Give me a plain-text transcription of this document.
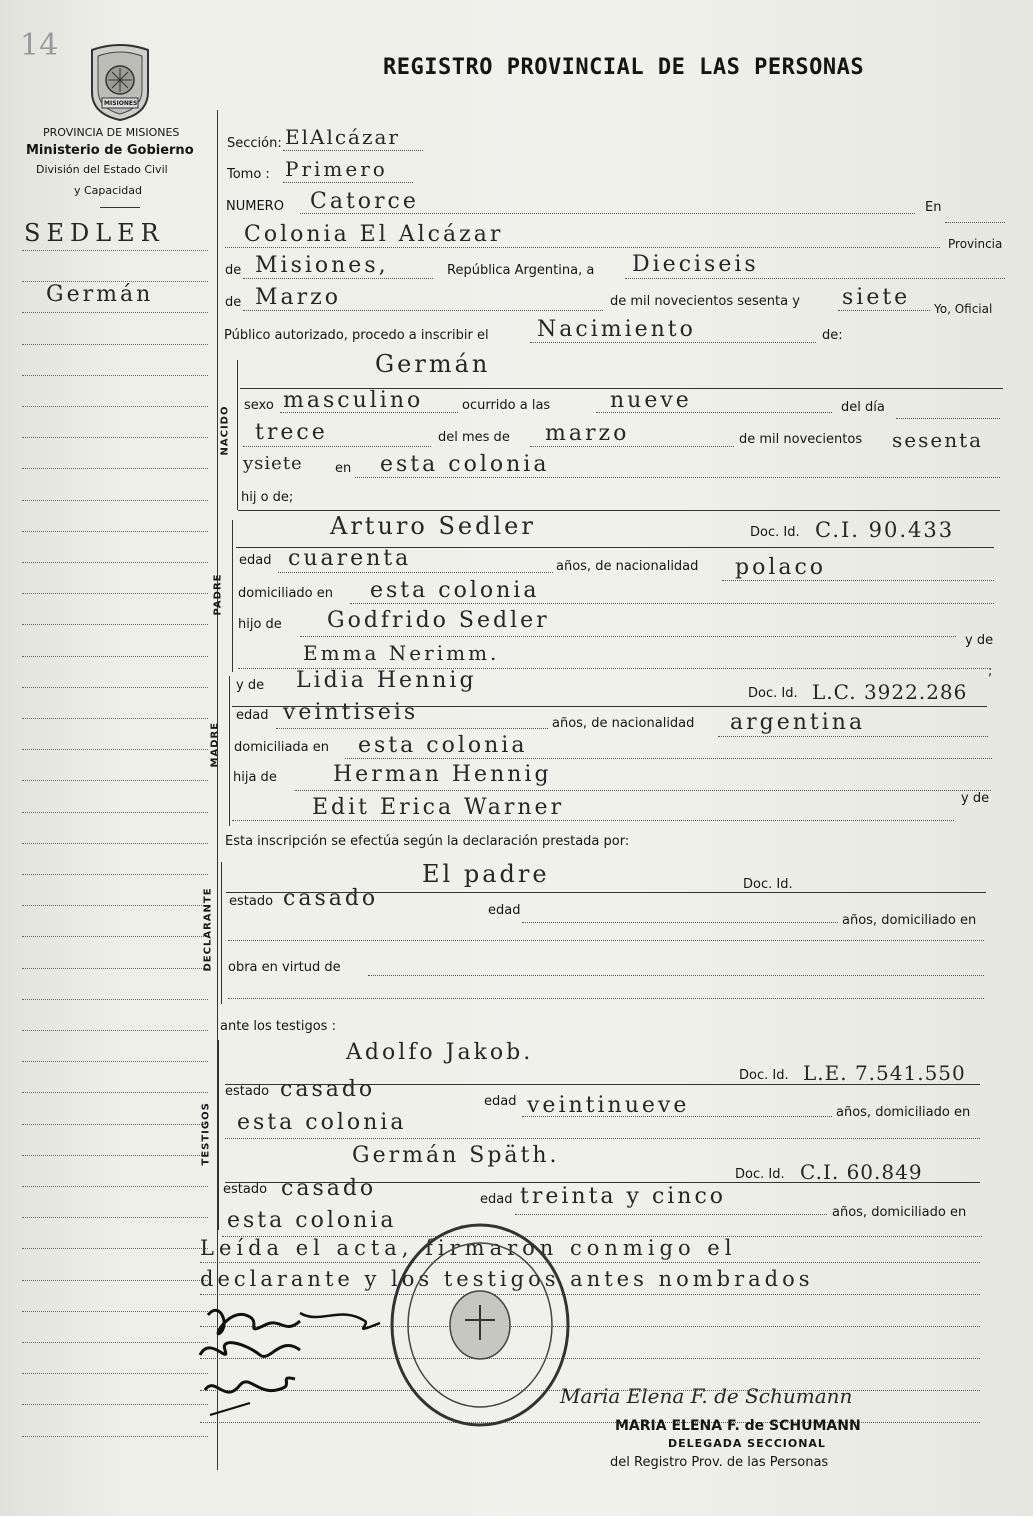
14
MISIONES
REGISTRO PROVINCIAL DE LAS PERSONAS
PROVINCIA DE MISIONES
Ministerio de Gobierno
División del Estado Civil
y Capacidad
SEDLER
Germán
Sección: ElAlcázar
Tomo : Primero
NUMERO Catorce	En
Colonia El Alcázar	Provincia
de Misiones,	República Argentina, a Dieciseis
de Marzo	de mil novecientos sesenta y siete Yo, Oficial
Público autorizado, procedo a inscribir el Nacimiento	de:
NACIDO
Germán
sexo masculino	ocurrido a las	nueve	del día
trece	del mes de marzo	de mil novecientos sesenta
ysiete en esta colonia
hij o de;
PADRE
Arturo Sedler	Doc. Id. C.I. 90.433
edad cuarenta	años, de nacionalidad polaco
domiciliado en esta colonia
hijo de Godfrido Sedler
y de
Emma Nerimm.
;
MADRE
y de Lidia Hennig
Doc. Id. L.C. 3922.286
edad veintiseis	años, de nacionalidad argentina
domiciliada en esta colonia
hija de	Herman Hennig
Edit Erica Warner	y de
Esta inscripción se efectúa según la declaración prestada por:
DECLARANTE
El padre	Doc. Id.
estado casado	edad
años, domiciliado en
obra en virtud de
ante los testigos :
TESTIGOS
Adolfo Jakob.
Doc. Id. L.E. 7.541.550
estado casado	edad veintinueve	años, domiciliado en
esta colonia
Germán Späth.
Doc. Id. C.I. 60.849
estado casado	edad treinta y cinco
años, domiciliado en
esta colonia
Leída el acta, firmaron conmigo el
declarante y los testigos antes nombrados
Maria Elena F. de Schumann
MARIA ELENA F. de SCHUMANN
DELEGADA SECCIONAL
del Registro Prov. de las Personas
